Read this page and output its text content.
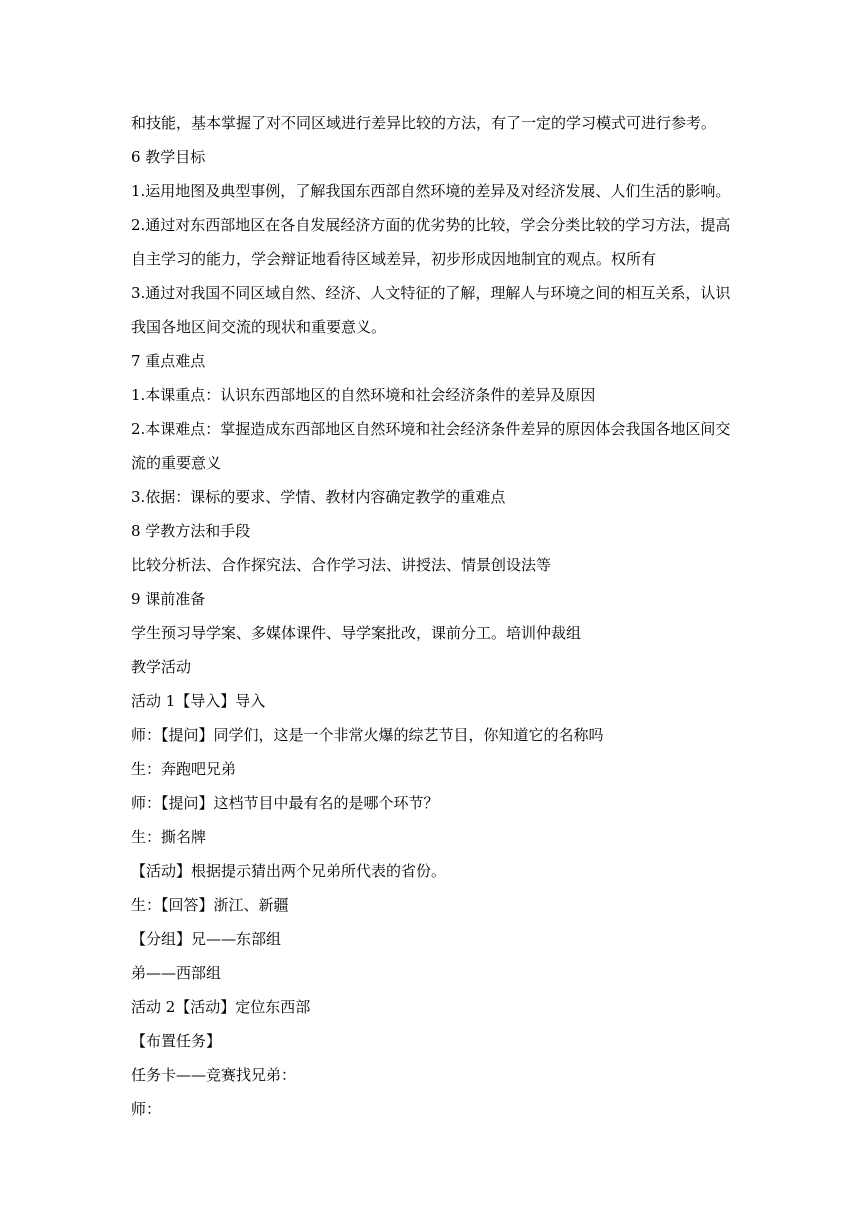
和技能，基本掌握了对不同区域进行差异比较的方法，有了一定的学习模式可进行参考。

6 教学目标

1.运用地图及典型事例，了解我国东西部自然环境的差异及对经济发展、人们生活的影响。

2.通过对东西部地区在各自发展经济方面的优劣势的比较，学会分类比较的学习方法，提高

自主学习的能力，学会辩证地看待区域差异，初步形成因地制宜的观点。权所有

3.通过对我国不同区域自然、经济、人文特征的了解，理解人与环境之间的相互关系，认识

我国各地区间交流的现状和重要意义。

7 重点难点

1.本课重点：认识东西部地区的自然环境和社会经济条件的差异及原因

2.本课难点：掌握造成东西部地区自然环境和社会经济条件差异的原因体会我国各地区间交

流的重要意义

3.依据：课标的要求、学情、教材内容确定教学的重难点

8 学教方法和手段

比较分析法、合作探究法、合作学习法、讲授法、情景创设法等

9 课前准备

学生预习导学案、多媒体课件、导学案批改，课前分工。培训仲裁组

教学活动

活动 1【导入】导入

师：【提问】同学们，这是一个非常火爆的综艺节目，你知道它的名称吗

生：奔跑吧兄弟

师：【提问】这档节目中最有名的是哪个环节？

生：撕名牌

【活动】根据提示猜出两个兄弟所代表的省份。

生：【回答】浙江、新疆

【分组】兄——东部组

弟——西部组

活动 2【活动】定位东西部

【布置任务】

任务卡——竞赛找兄弟：

师：
